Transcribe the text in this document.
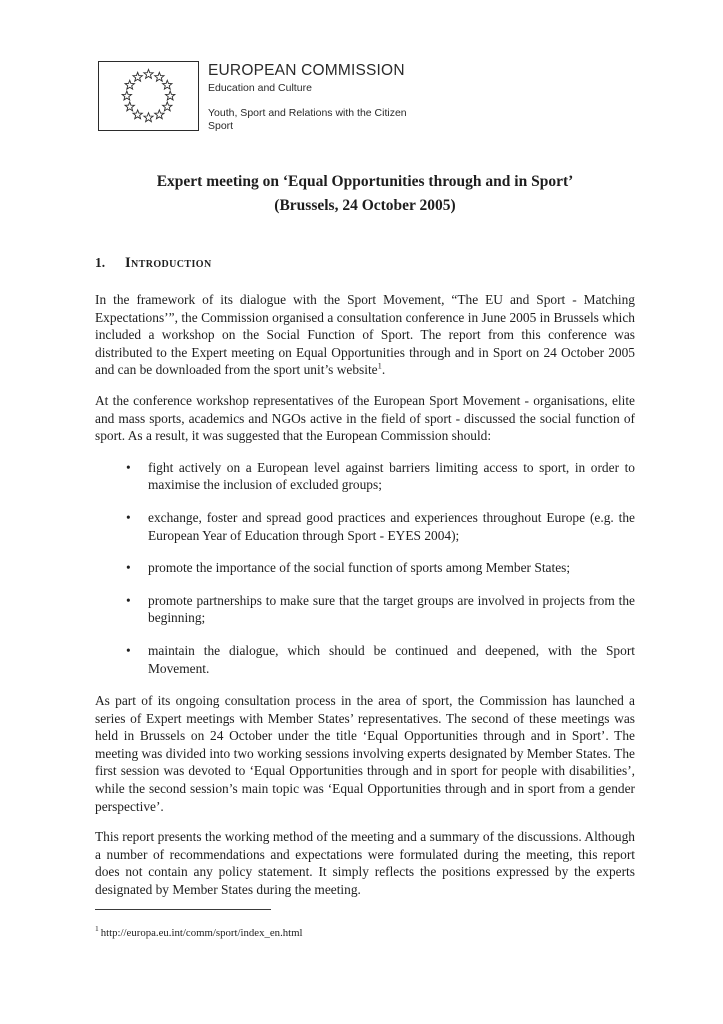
EUROPEAN COMMISSION
Education and Culture
Youth, Sport and Relations with the Citizen
Sport
Expert meeting on ‘Equal Opportunities through and in Sport’
(Brussels, 24 October 2005)
1.	Introduction

In the framework of its dialogue with the Sport Movement, “The EU and Sport - Matching Expectations’”, the Commission organised a consultation conference in June 2005 in Brussels which included a workshop on the Social Function of Sport. The report from this conference was distributed to the Expert meeting on Equal Opportunities through and in Sport on 24 October 2005 and can be downloaded from the sport unit’s website$^1$.

At the conference workshop representatives of the European Sport Movement - organisations, elite and mass sports, academics and NGOs active in the field of sport - discussed the social function of sport. As a result, it was suggested that the European Commission should:

• fight actively on a European level against barriers limiting access to sport, in order to maximise the inclusion of excluded groups;
• exchange, foster and spread good practices and experiences throughout Europe (e.g. the European Year of Education through Sport - EYES 2004);
• promote the importance of the social function of sports among Member States;
• promote partnerships to make sure that the target groups are involved in projects from the beginning;
• maintain the dialogue, which should be continued and deepened, with the Sport Movement.

As part of its ongoing consultation process in the area of sport, the Commission has launched a series of Expert meetings with Member States’ representatives. The second of these meetings was held in Brussels on 24 October under the title ‘Equal Opportunities through and in Sport’. The meeting was divided into two working sessions involving experts designated by Member States. The first session was devoted to ‘Equal Opportunities through and in sport for people with disabilities’, while the second session’s main topic was ‘Equal Opportunities through and in sport from a gender perspective’.

This report presents the working method of the meeting and a summary of the discussions. Although a number of recommendations and expectations were formulated during the meeting, this report does not contain any policy statement. It simply reflects the positions expressed by the experts designated by Member States during the meeting.

$^1$ http://europa.eu.int/comm/sport/index_en.html
